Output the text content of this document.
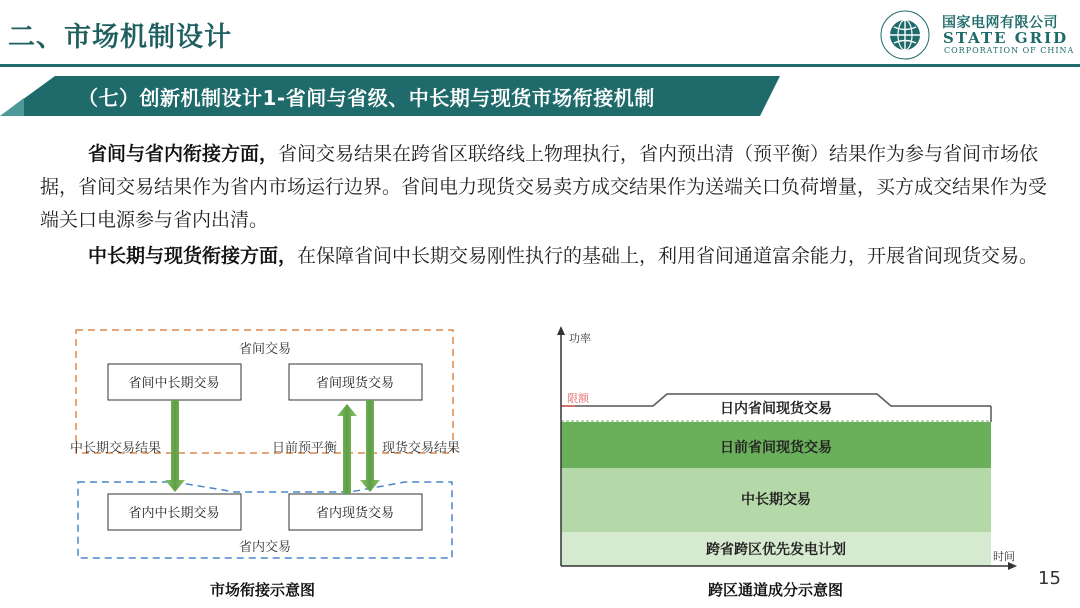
二、市场机制设计	国家电网有限公司
STATE GRID
CORPORATION OF CHINA
（七）创新机制设计1-省间与省级、中长期与现货市场衔接机制
省间与省内衔接方面，省间交易结果在跨省区联络线上物理执行，省内预出清（预平衡）结果作为参与省间市场依据，省间交易结果作为省内市场运行边界。省间电力现货交易卖方成交结果作为送端关口负荷增量，买方成交结果作为受端关口电源参与省内出清。
中长期与现货衔接方面，在保障省间中长期交易刚性执行的基础上，利用省间通道富余能力，开展省间现货交易。
省间交易
省内交易
省间中长期交易	省间现货交易
省内中长期交易	省内现货交易
中长期交易结果	日前预平衡	现货交易结果
市场衔接示意图
功率
时间
限额
日内省间现货交易
日前省间现货交易
中长期交易
跨省跨区优先发电计划
跨区通道成分示意图
15
